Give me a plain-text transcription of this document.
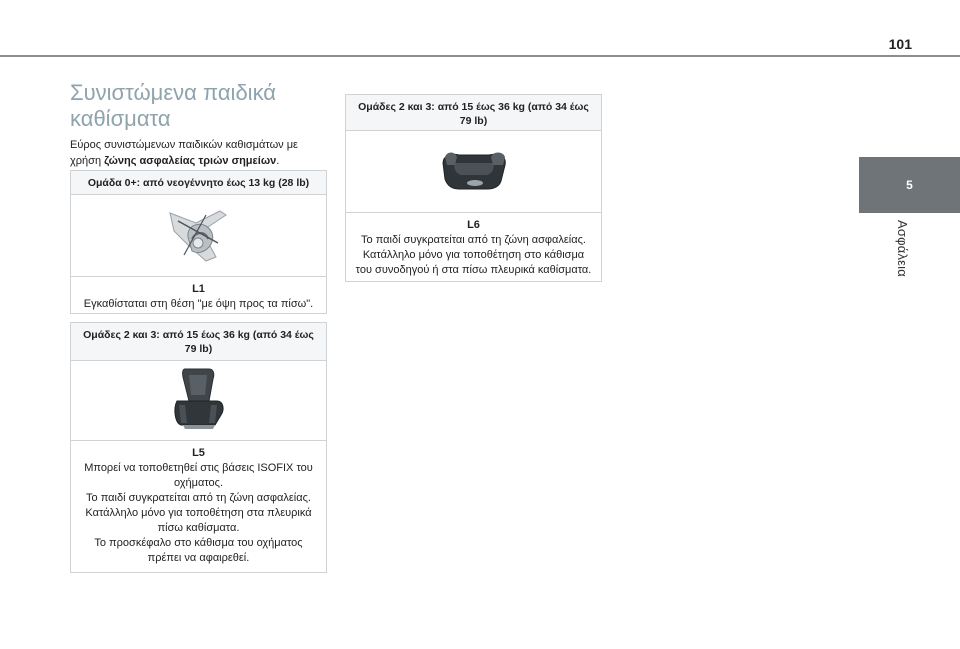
101
5
Ασφάλεια
Συνιστώμενα παιδικά καθίσματα
Εύρος συνιστώμενων παιδικών καθισμάτων με χρήση ζώνης ασφαλείας τριών σημείων.
Ομάδα 0+: από νεογέννητο έως 13 kg (28 lb)
L1
Εγκαθίσταται στη θέση "με όψη προς τα πίσω".
Ομάδες 2 και 3: από 15 έως 36 kg (από 34 έως 79 lb)
L5
Μπορεί να τοποθετηθεί στις βάσεις ISOFIX του οχήματος.
Το παιδί συγκρατείται από τη ζώνη ασφαλείας.
Κατάλληλο μόνο για τοποθέτηση στα πλευρικά πίσω καθίσματα.
Το προσκέφαλο στο κάθισμα του οχήματος πρέπει να αφαιρεθεί.
Ομάδες 2 και 3: από 15 έως 36 kg (από 34 έως 79 lb)
L6
Το παιδί συγκρατείται από τη ζώνη ασφαλείας.
Κατάλληλο μόνο για τοποθέτηση στο κάθισμα του συνοδηγού ή στα πίσω πλευρικά καθίσματα.
